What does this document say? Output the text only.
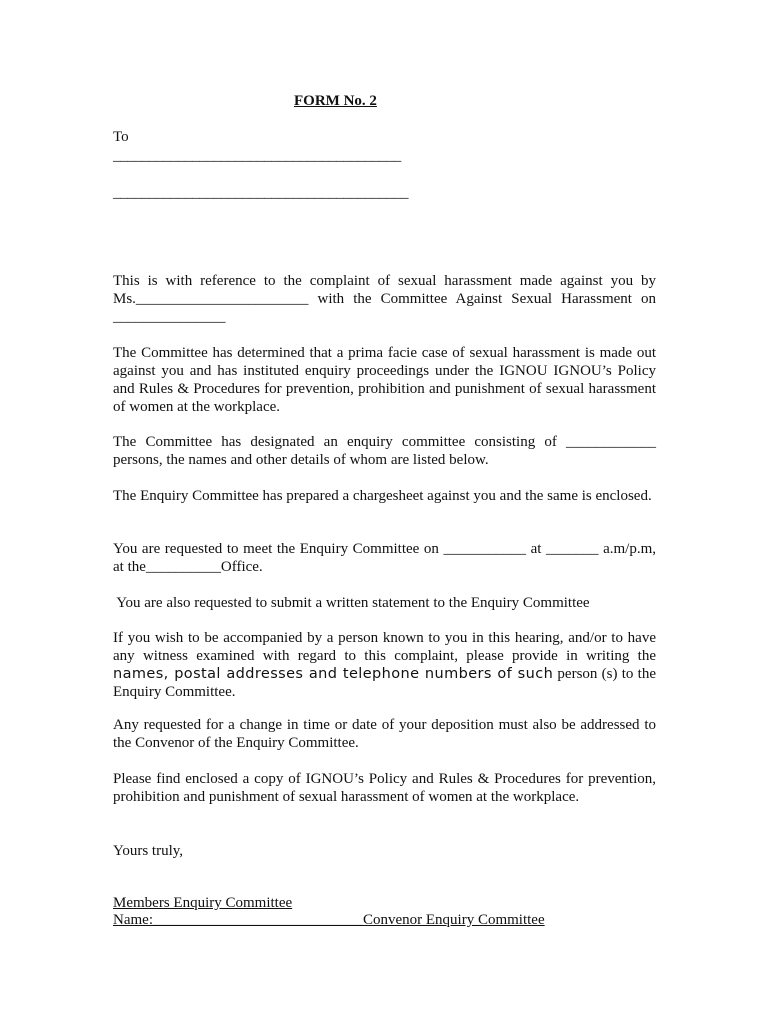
FORM No. 2
To
________________________________________
_________________________________________
This is with reference to the complaint of sexual harassment made against you by Ms._______________________ with the Committee Against Sexual Harassment on _______________
The Committee has determined that a prima facie case of sexual harassment is made out against you and has instituted enquiry proceedings under the IGNOU IGNOU’s Policy and Rules & Procedures for prevention, prohibition and punishment of sexual harassment of women at the workplace.
The Committee has designated an enquiry committee consisting of ____________ persons, the names and other details of whom are listed below.
The Enquiry Committee has prepared a chargesheet against you and the same is enclosed.
You are requested to meet the Enquiry Committee on ___________ at _______ a.m/p.m, at the__________Office.
You are also requested to submit a written statement to the Enquiry Committee
If you wish to be accompanied by a person known to you in this hearing, and/or to have any witness examined with regard to this complaint, please provide in writing the names, postal addresses and telephone numbers of such person (s) to the Enquiry Committee.
Any requested for a change in time or date of your deposition must also be addressed to the Convenor of the Enquiry Committee.
Please find enclosed a copy of IGNOU’s Policy and Rules & Procedures for prevention, prohibition and punishment of sexual harassment of women at the workplace.
Yours truly,
Members Enquiry Committee
Name:____________________________Convenor Enquiry Committee
